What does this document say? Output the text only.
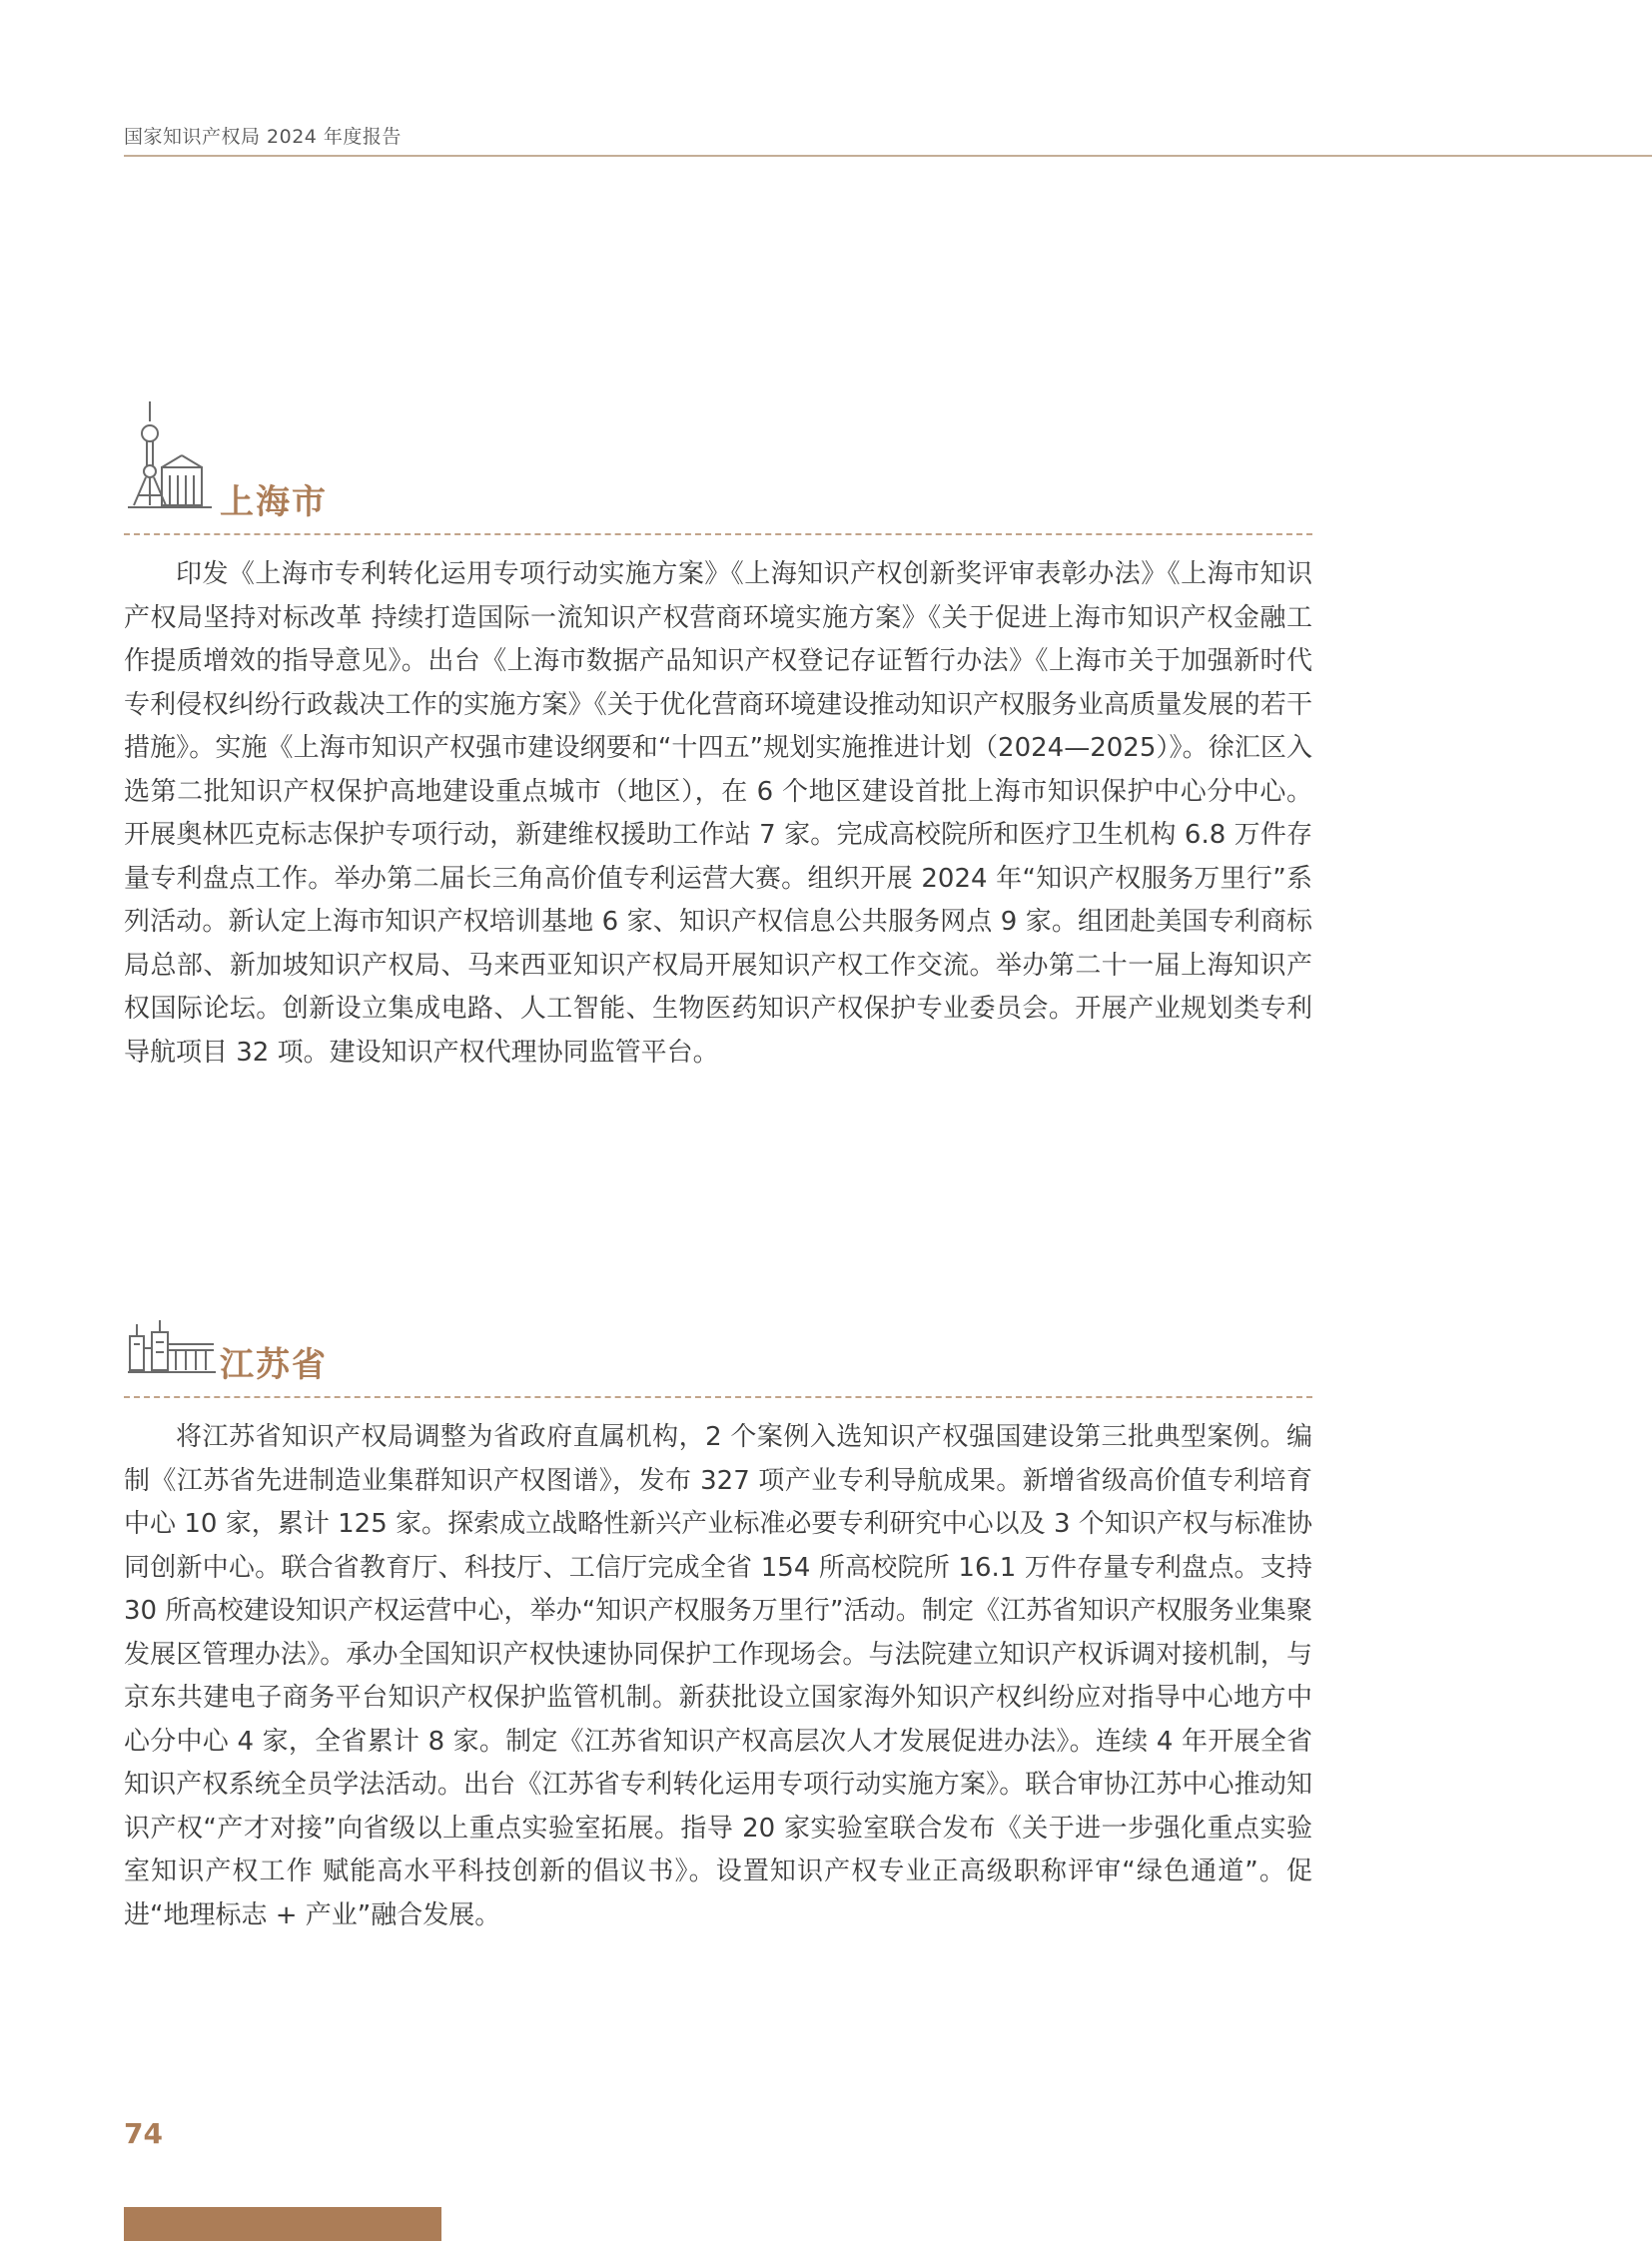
国家知识产权局 2024 年度报告
上海市

印发《上海市专利转化运用专项行动实施方案》《上海知识产权创新奖评审表彰办法》《上海市知识产权局坚持对标改革 持续打造国际一流知识产权营商环境实施方案》《关于促进上海市知识产权金融工作提质增效的指导意见》。出台《上海市数据产品知识产权登记存证暂行办法》《上海市关于加强新时代专利侵权纠纷行政裁决工作的实施方案》《关于优化营商环境建设推动知识产权服务业高质量发展的若干措施》。实施《上海市知识产权强市建设纲要和“十四五”规划实施推进计划（2024—2025）》。徐汇区入选第二批知识产权保护高地建设重点城市（地区），在 6 个地区建设首批上海市知识保护中心分中心。开展奥林匹克标志保护专项行动，新建维权援助工作站 7 家。完成高校院所和医疗卫生机构 6.8 万件存量专利盘点工作。举办第二届长三角高价值专利运营大赛。组织开展 2024 年“知识产权服务万里行”系列活动。新认定上海市知识产权培训基地 6 家、知识产权信息公共服务网点 9 家。组团赴美国专利商标局总部、新加坡知识产权局、马来西亚知识产权局开展知识产权工作交流。举办第二十一届上海知识产权国际论坛。创新设立集成电路、人工智能、生物医药知识产权保护专业委员会。开展产业规划类专利导航项目 32 项。建设知识产权代理协同监管平台。

江苏省

将江苏省知识产权局调整为省政府直属机构，2 个案例入选知识产权强国建设第三批典型案例。编制《江苏省先进制造业集群知识产权图谱》，发布 327 项产业专利导航成果。新增省级高价值专利培育中心 10 家，累计 125 家。探索成立战略性新兴产业标准必要专利研究中心以及 3 个知识产权与标准协同创新中心。联合省教育厅、科技厅、工信厅完成全省 154 所高校院所 16.1 万件存量专利盘点。支持 30 所高校建设知识产权运营中心，举办“知识产权服务万里行”活动。制定《江苏省知识产权服务业集聚发展区管理办法》。承办全国知识产权快速协同保护工作现场会。与法院建立知识产权诉调对接机制，与京东共建电子商务平台知识产权保护监管机制。新获批设立国家海外知识产权纠纷应对指导中心地方中心分中心 4 家，全省累计 8 家。制定《江苏省知识产权高层次人才发展促进办法》。连续 4 年开展全省知识产权系统全员学法活动。出台《江苏省专利转化运用专项行动实施方案》。联合审协江苏中心推动知识产权“产才对接”向省级以上重点实验室拓展。指导 20 家实验室联合发布《关于进一步强化重点实验室知识产权工作 赋能高水平科技创新的倡议书》。设置知识产权专业正高级职称评审“绿色通道”。促进“地理标志 + 产业”融合发展。

74
